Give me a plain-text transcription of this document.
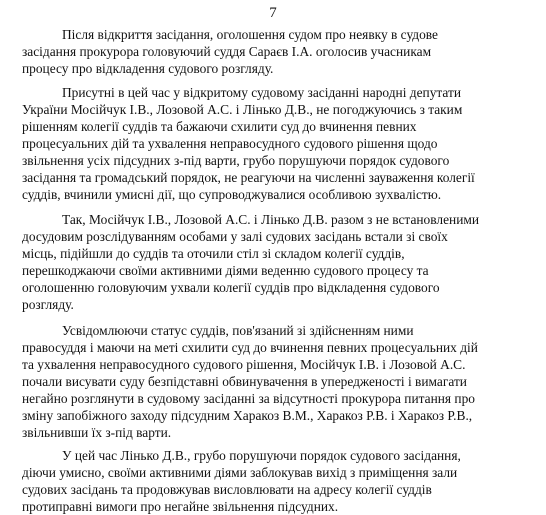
7
Після відкриття засідання, оголошення судом про неявку в судове
засідання прокурора головуючий суддя Сараєв І.А. оголосив учасникам
процесу про відкладення судового розгляду.
Присутні в цей час у відкритому судовому засіданні народні депутати
України Мосійчук І.В., Лозовой А.С. і Лінько Д.В., не погоджуючись з таким
рішенням колегії суддів та бажаючи схилити суд до вчинення певних
процесуальних дій та ухвалення неправосудного судового рішення щодо
звільнення усіх підсудних з-під варти, грубо порушуючи порядок судового
засідання та громадський порядок, не реагуючи на численні зауваження колегії
суддів, вчинили умисні дії, що супроводжувалися особливою зухвалістю.
Так, Мосійчук І.В., Лозовой А.С. і Лінько Д.В. разом з не встановленими
досудовим розслідуванням особами у залі судових засідань встали зі своїх
місць, підійшли до суддів та оточили стіл зі складом колегії суддів,
перешкоджаючи своїми активними діями веденню судового процесу та
оголошенню головуючим ухвали колегії суддів про відкладення судового
розгляду.
Усвідомлюючи статус суддів, пов'язаний зі здійсненням ними
правосуддя і маючи на меті схилити суд до вчинення певних процесуальних дій
та ухвалення неправосудного судового рішення, Мосійчук І.В. і Лозовой А.С.
почали висувати суду безпідставні обвинувачення в упередженості і вимагати
негайно розглянути в судовому засіданні за відсутності прокурора питання про
зміну запобіжного заходу підсудним Харакоз В.М., Харакоз Р.В. і Харакоз Р.В.,
звільнивши їх з-під варти.
У цей час Лінько Д.В., грубо порушуючи порядок судового засідання,
діючи умисно, своїми активними діями заблокував вихід з приміщення зали
судових засідань та продовжував висловлювати на адресу колегії суддів
протиправні вимоги про негайне звільнення підсудних.
